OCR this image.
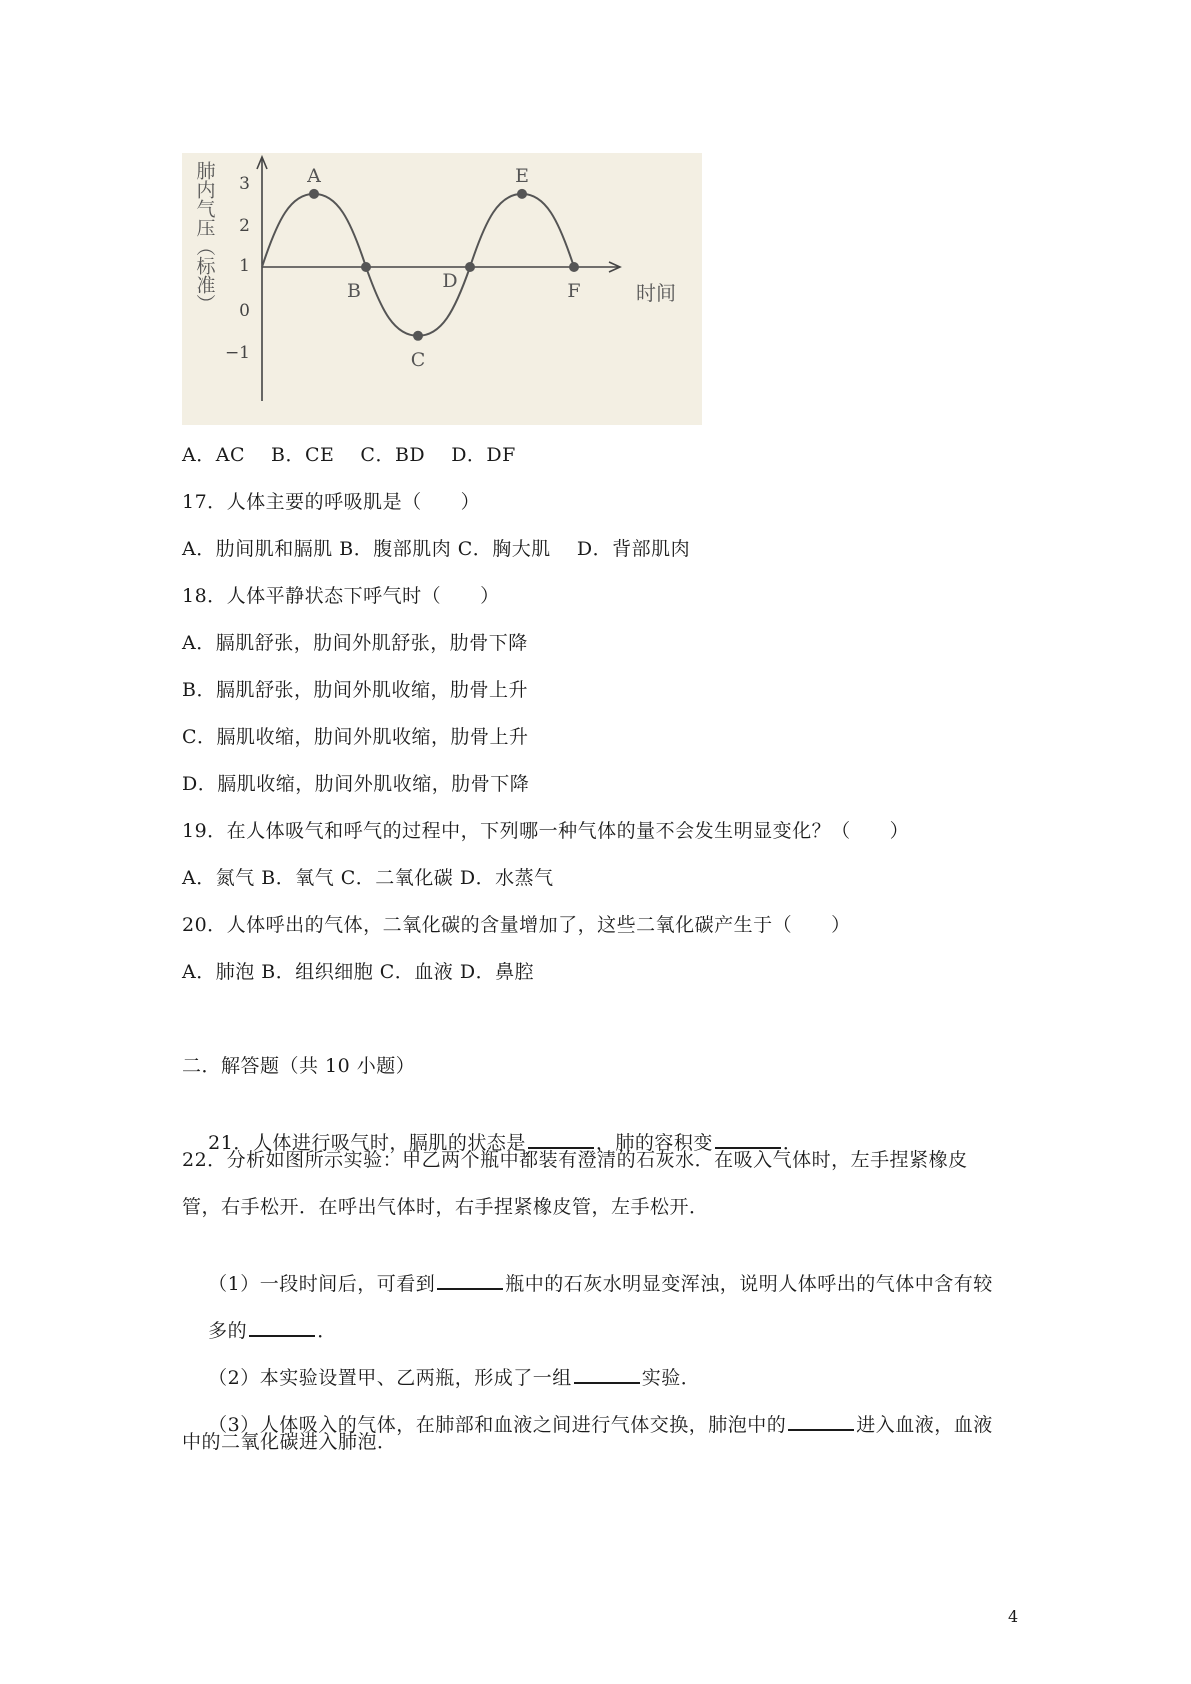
肺内气压（标准） 3
2
1
0
−1
时间
A
B
C
D
E
F
A．AC　 B．CE　 C．BD　 D．DF
17．人体主要的呼吸肌是（　　）
A．肋间肌和膈肌 B．腹部肌肉 C．胸大肌　 D．背部肌肉
18．人体平静状态下呼气时（　　）
A．膈肌舒张，肋间外肌舒张，肋骨下降
B．膈肌舒张，肋间外肌收缩，肋骨上升
C．膈肌收缩，肋间外肌收缩，肋骨上升
D．膈肌收缩，肋间外肌收缩，肋骨下降
19．在人体吸气和呼气的过程中，下列哪一种气体的量不会发生明显变化？（　　）
A．氮气 B．氧气 C．二氧化碳 D．水蒸气
20．人体呼出的气体，二氧化碳的含量增加了，这些二氧化碳产生于（　　）
A．肺泡 B．组织细胞 C．血液 D．鼻腔
二．解答题（共 10 小题）

21．人体进行吸气时，膈肌的状态是	，肺的容积变	．

22．分析如图所示实验：甲乙两个瓶中都装有澄清的石灰水．在吸入气体时，左手捏紧橡皮
管，右手松开．在呼出气体时，右手捏紧橡皮管，左手松开．

（1）一段时间后，可看到	瓶中的石灰水明显变浑浊，说明人体呼出的气体中含有较

多的	．

（2）本实验设置甲、乙两瓶，形成了一组	实验．

（3）人体吸入的气体，在肺部和血液之间进行气体交换，肺泡中的	进入血液，血液

中的二氧化碳进入肺泡．
4
